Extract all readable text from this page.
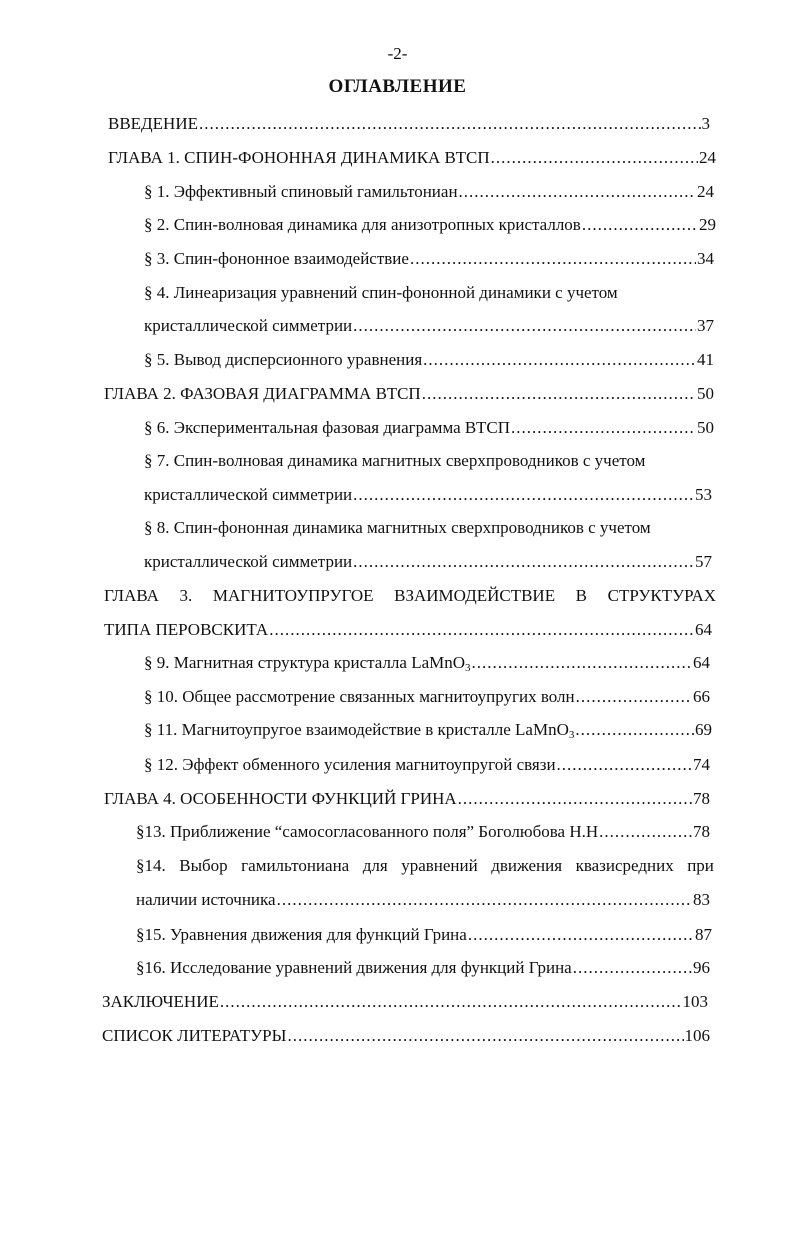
-2-
ОГЛАВЛЕНИЕ
ВВЕДЕНИЕ .....	3
ГЛАВА 1. СПИН-ФОНОННАЯ ДИНАМИКА ВТСП .....	24
§ 1. Эффективный спиновый гамильтониан .....	24
§ 2. Спин-волновая динамика для анизотропных кристаллов .....	29
§ 3. Спин-фононное взаимодействие .....	34
§ 4. Линеаризация уравнений спин-фононной динамики с учетом
кристаллической симметрии .....	37
§ 5. Вывод дисперсионного уравнения .....	41
ГЛАВА 2. ФАЗОВАЯ ДИАГРАММА ВТСП .....	50
§ 6. Экспериментальная фазовая диаграмма ВТСП .....	50
§ 7. Спин-волновая динамика магнитных сверхпроводников с учетом
кристаллической симметрии .....	53
§ 8. Спин-фононная динамика магнитных сверхпроводников с учетом
кристаллической симметрии .....	57
ГЛАВА 3. МАГНИТОУПРУГОЕ ВЗАИМОДЕЙСТВИЕ В СТРУКТУРАХ
ТИПА ПЕРОВСКИТА .....	64
§ 9. Магнитная структура кристалла LaMnO$_3$ .....	64
§ 10. Общее рассмотрение связанных магнитоупругих волн .....	66
§ 11. Магнитоупругое взаимодействие в кристалле LaMnO$_3$ .....	69
§ 12. Эффект обменного усиления магнитоупругой связи .....	74
ГЛАВА 4. ОСОБЕННОСТИ ФУНКЦИЙ ГРИНА .....	78
§13. Приближение “самосогласованного поля” Боголюбова Н.Н .....	78
§14. Выбор гамильтониана для уравнений движения квазисредних при
наличии источника .....	83
§15. Уравнения движения для функций Грина .....	87
§16. Исследование уравнений движения для функций Грина .....	96
ЗАКЛЮЧЕНИЕ .....	103
СПИСОК ЛИТЕРАТУРЫ .....	106
